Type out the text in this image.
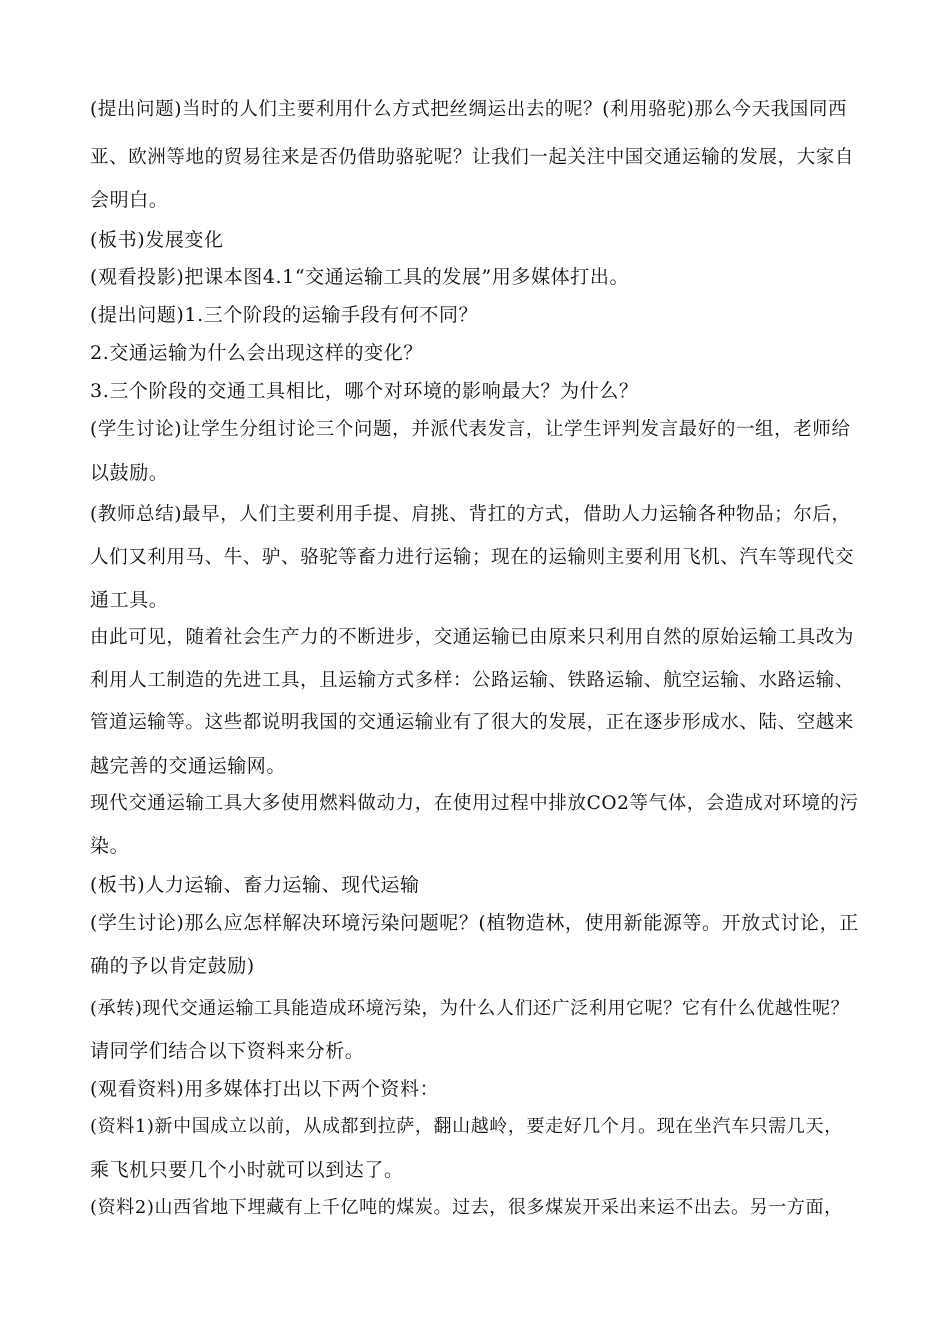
(提出问题)当时的人们主要利用什么方式把丝绸运出去的呢？(利用骆驼)那么今天我国同西
亚、欧洲等地的贸易往来是否仍借助骆驼呢？让我们一起关注中国交通运输的发展，大家自
会明白。
(板书)发展变化
(观看投影)把课本图4.1“交通运输工具的发展”用多媒体打出。
(提出问题)1.三个阶段的运输手段有何不同？
2.交通运输为什么会出现这样的变化？
3.三个阶段的交通工具相比，哪个对环境的影响最大？为什么？
(学生讨论)让学生分组讨论三个问题，并派代表发言，让学生评判发言最好的一组，老师给
以鼓励。
(教师总结)最早，人们主要利用手提、肩挑、背扛的方式，借助人力运输各种物品；尔后，
人们又利用马、牛、驴、骆驼等畜力进行运输；现在的运输则主要利用飞机、汽车等现代交
通工具。
由此可见，随着社会生产力的不断进步，交通运输已由原来只利用自然的原始运输工具改为
利用人工制造的先进工具，且运输方式多样：公路运输、铁路运输、航空运输、水路运输、
管道运输等。这些都说明我国的交通运输业有了很大的发展，正在逐步形成水、陆、空越来
越完善的交通运输网。
现代交通运输工具大多使用燃料做动力，在使用过程中排放CO2等气体，会造成对环境的污
染。
(板书)人力运输、畜力运输、现代运输
(学生讨论)那么应怎样解决环境污染问题呢？(植物造林，使用新能源等。开放式讨论，正
确的予以肯定鼓励)
(承转)现代交通运输工具能造成环境污染，为什么人们还广泛利用它呢？它有什么优越性呢？
请同学们结合以下资料来分析。
(观看资料)用多媒体打出以下两个资料：
(资料1)新中国成立以前，从成都到拉萨，翻山越岭，要走好几个月。现在坐汽车只需几天，
乘飞机只要几个小时就可以到达了。
(资料2)山西省地下埋藏有上千亿吨的煤炭。过去，很多煤炭开采出来运不出去。另一方面，
